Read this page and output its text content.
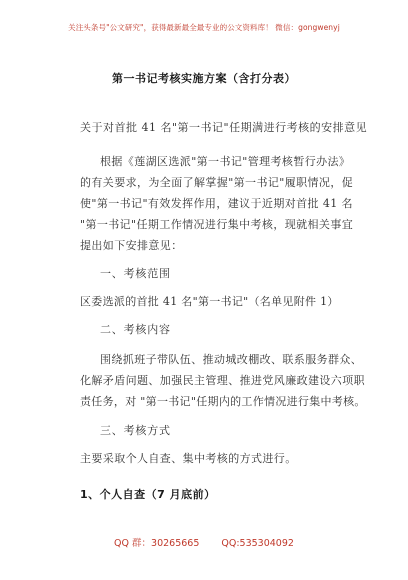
关注头条号"公文研究"，获得最新最全最专业的公文资料库！ 微信：gongwenyj
第一书记考核实施方案（含打分表）
关于对首批 41 名"第一书记"任期满进行考核的安排意见
根据《莲湖区选派"第一书记"管理考核暂行办法》
的有关要求，为全面了解掌握"第一书记"履职情况，促
使"第一书记"有效发挥作用，建议于近期对首批 41 名
"第一书记"任期工作情况进行集中考核，现就相关事宜
提出如下安排意见：
一、考核范围
区委选派的首批 41 名"第一书记"（名单见附件 1）
二、考核内容
围绕抓班子带队伍、推动城改棚改、联系服务群众、
化解矛盾问题、加强民主管理、推进党风廉政建设六项职
责任务，对 "第一书记"任期内的工作情况进行集中考核。
三、考核方式
主要采取个人自查、集中考核的方式进行。
1、个人自查（7 月底前）
QQ 群：30265665 QQ:535304092
